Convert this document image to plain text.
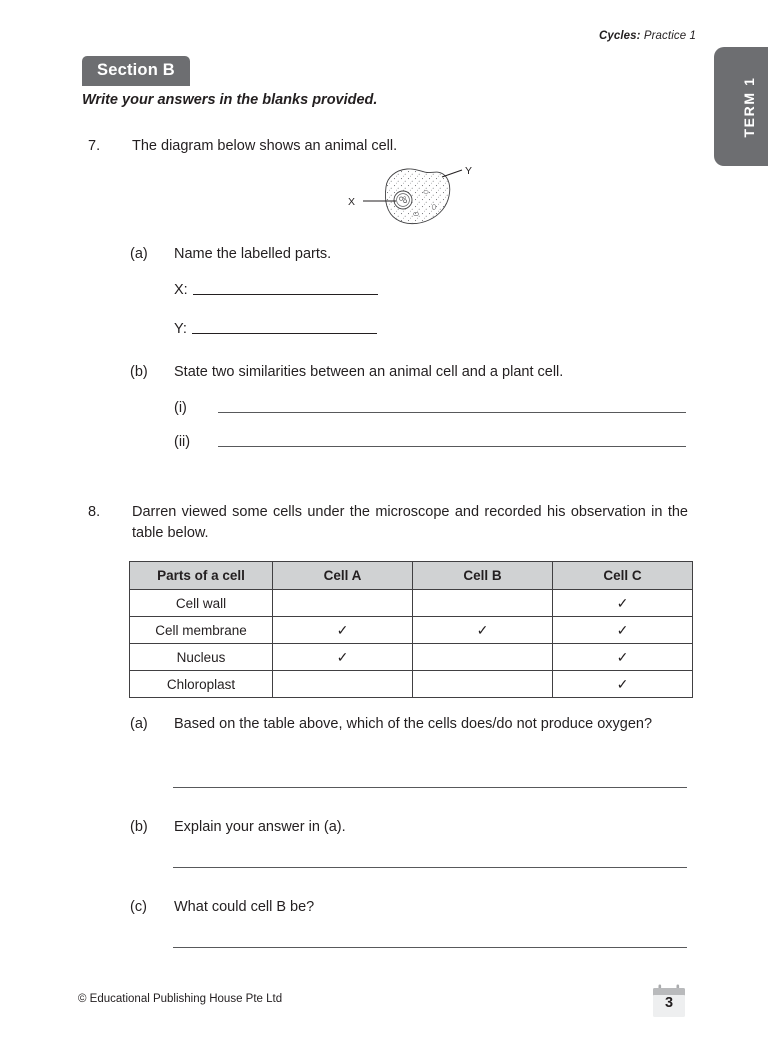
Cycles: Practice 1
TERM 1
Section B
Write your answers in the blanks provided.
7.	The diagram below shows an animal cell.
X
Y
(a)	Name the labelled parts.
X:
Y:
(b)	State two similarities between an animal cell and a plant cell.
(i)
(ii)
8.	Darren viewed some cells under the microscope and recorded his observation in the table below.
Parts of a cell	Cell A	Cell B	Cell C
Cell wall			✓
Cell membrane	✓	✓	✓
Nucleus	✓		✓
Chloroplast			✓
(a)	Based on the table above, which of the cells does/do not produce oxygen?
(b)	Explain your answer in (a).
(c)	What could cell B be?
© Educational Publishing House Pte Ltd	3
